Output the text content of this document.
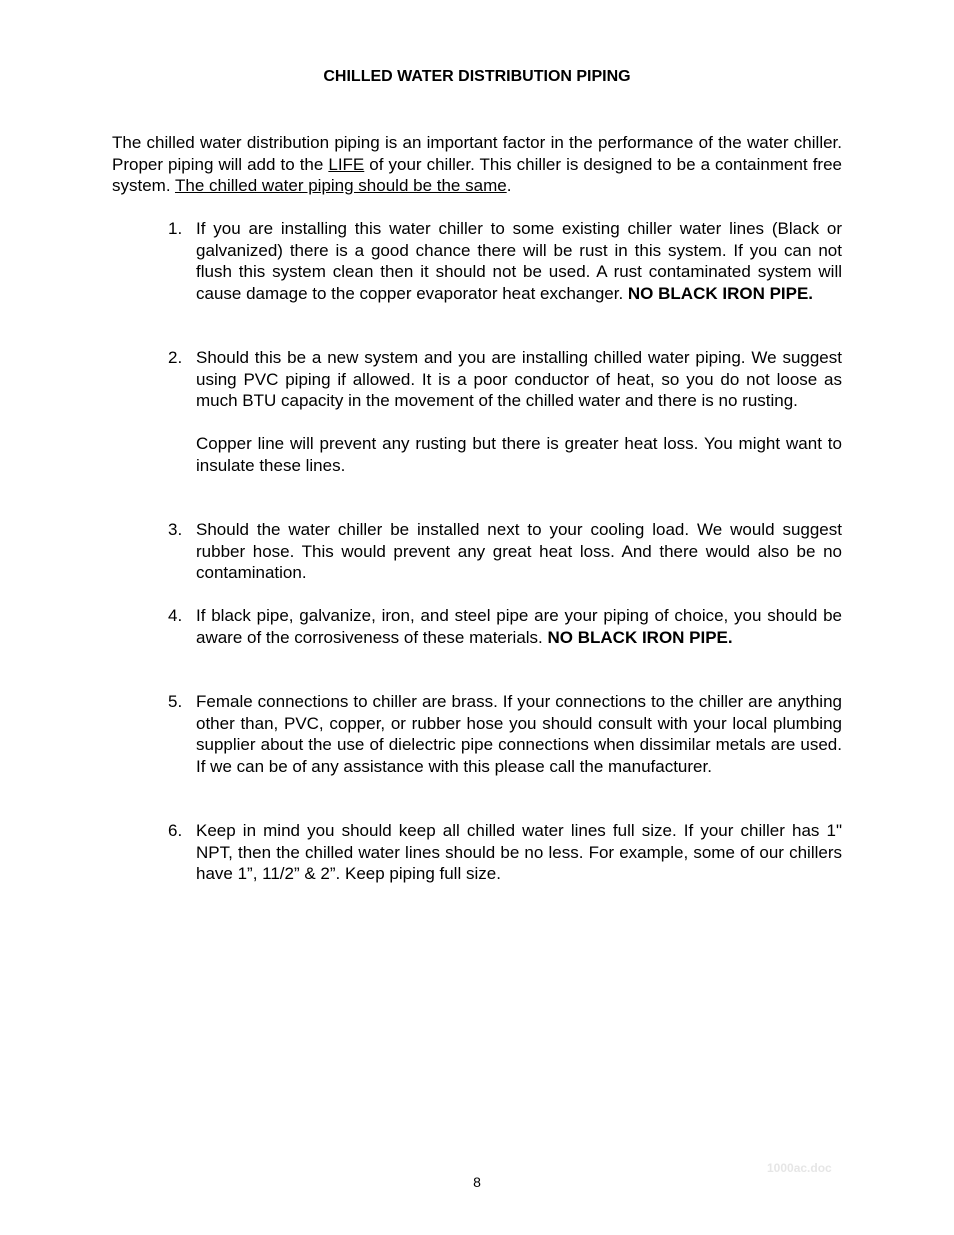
CHILLED WATER DISTRIBUTION PIPING

The chilled water distribution piping is an important factor in the performance of the water chiller. Proper piping will add to the LIFE of your chiller. This chiller is designed to be a containment free system. The chilled water piping should be the same.

1. If you are installing this water chiller to some existing chiller water lines (Black or galvanized) there is a good chance there will be rust in this system. If you can not flush this system clean then it should not be used. A rust contaminated system will cause damage to the copper evaporator heat exchanger. NO BLACK IRON PIPE.

2. Should this be a new system and you are installing chilled water piping. We suggest using PVC piping if allowed. It is a poor conductor of heat, so you do not loose as much BTU capacity in the movement of the chilled water and there is no rusting.

Copper line will prevent any rusting but there is greater heat loss. You might want to insulate these lines.

3. Should the water chiller be installed next to your cooling load. We would suggest rubber hose. This would prevent any great heat loss. And there would also be no contamination.

4. If black pipe, galvanize, iron, and steel pipe are your piping of choice, you should be aware of the corrosiveness of these materials. NO BLACK IRON PIPE.

5. Female connections to chiller are brass. If your connections to the chiller are anything other than, PVC, copper, or rubber hose you should consult with your local plumbing supplier about the use of dielectric pipe connections when dissimilar metals are used. If we can be of any assistance with this please call the manufacturer.

6. Keep in mind you should keep all chilled water lines full size. If your chiller has 1" NPT, then the chilled water lines should be no less. For example, some of our chillers have 1”, 11/2” & 2”. Keep piping full size.

1000ac.doc
8
